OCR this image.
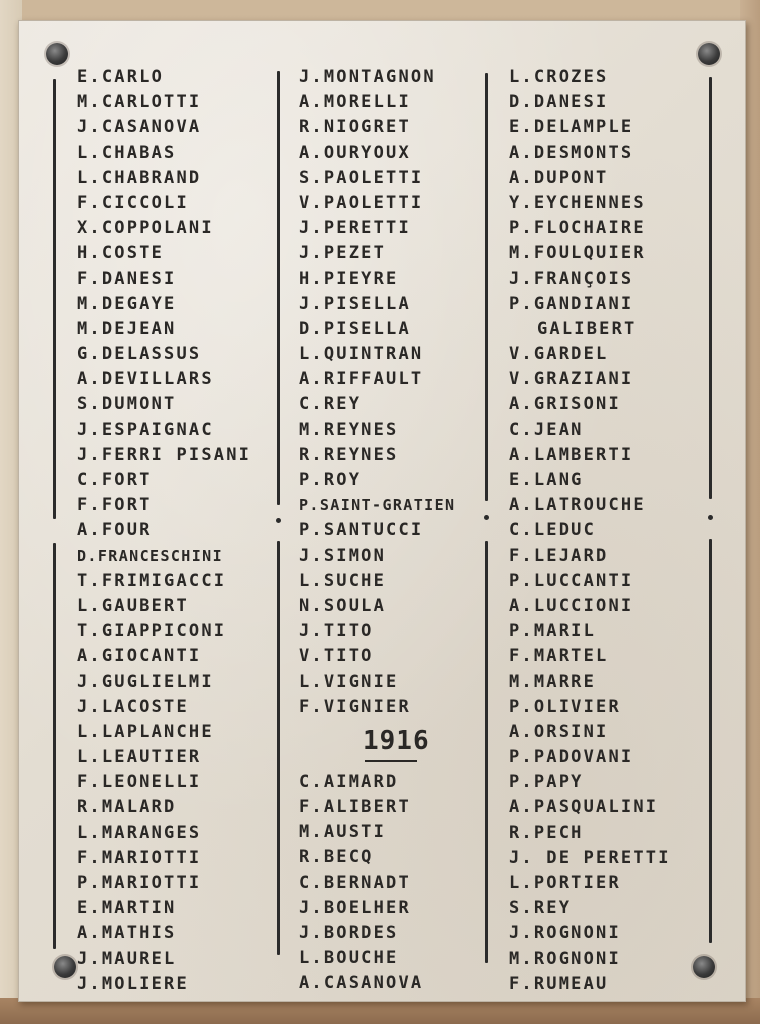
E.CARLO
M.CARLOTTI
J.CASANOVA
L.CHABAS
L.CHABRAND
F.CICCOLI
X.COPPOLANI
H.COSTE
F.DANESI
M.DEGAYE
M.DEJEAN
G.DELASSUS
A.DEVILLARS
S.DUMONT
J.ESPAIGNAC
J.FERRI PISANI
C.FORT
F.FORT
A.FOUR
D.FRANCESCHINI
T.FRIMIGACCI
L.GAUBERT
T.GIAPPICONI
A.GIOCANTI
J.GUGLIELMI
J.LACOSTE
L.LAPLANCHE
L.LEAUTIER
F.LEONELLI
R.MALARD
L.MARANGES
F.MARIOTTI
P.MARIOTTI
E.MARTIN
A.MATHIS
J.MAUREL
J.MOLIERE
J.MONTAGNON
A.MORELLI
R.NIOGRET
A.OURYOUX
S.PAOLETTI
V.PAOLETTI
J.PERETTI
J.PEZET
H.PIEYRE
J.PISELLA
D.PISELLA
L.QUINTRAN
A.RIFFAULT
C.REY
M.REYNES
R.REYNES
P.ROY
P.SAINT-GRATIEN
P.SANTUCCI
J.SIMON
L.SUCHE
N.SOULA
J.TITO
V.TITO
L.VIGNIE
F.VIGNIER
1916
C.AIMARD
F.ALIBERT
M.AUSTI
R.BECQ
C.BERNADT
J.BOELHER
J.BORDES
L.BOUCHE
A.CASANOVA
L.CROZES
D.DANESI
E.DELAMPLE
A.DESMONTS
A.DUPONT
Y.EYCHENNES
P.FLOCHAIRE
M.FOULQUIER
J.FRANÇOIS
P.GANDIANI
GALIBERT
V.GARDEL
V.GRAZIANI
A.GRISONI
C.JEAN
A.LAMBERTI
E.LANG
A.LATROUCHE
C.LEDUC
F.LEJARD
P.LUCCANTI
A.LUCCIONI
P.MARIL
F.MARTEL
M.MARRE
P.OLIVIER
A.ORSINI
P.PADOVANI
P.PAPY
A.PASQUALINI
R.PECH
J. DE PERETTI
L.PORTIER
S.REY
J.ROGNONI
M.ROGNONI
F.RUMEAU
